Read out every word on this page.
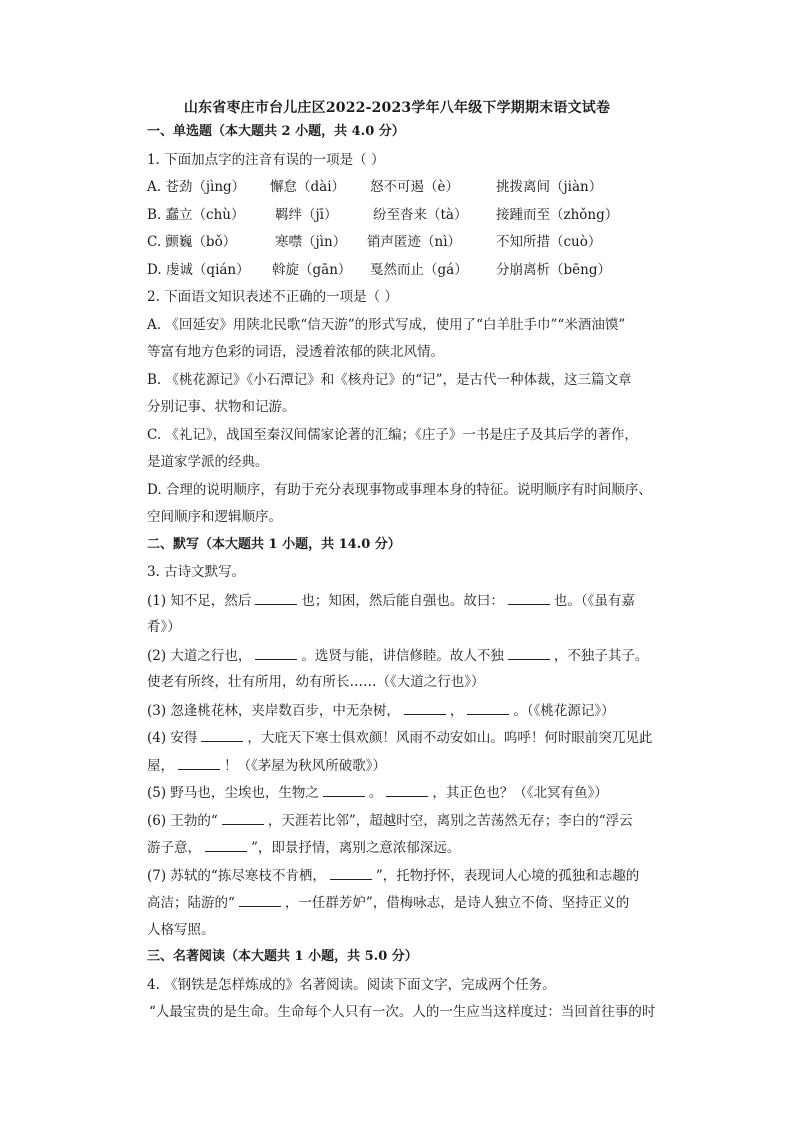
山东省枣庄市台儿庄区2022-2023学年八年级下学期期末语文试卷
一、单选题（本大题共 2 小题，共 4.0 分）
1. 下面加点字的注音有误的一项是（ ）
A. 苍劲（jìng） 懈怠（dài） 怒不可遏（è）	挑拨离间（jiàn）
B. 蠢立（chù） 羁绊（jī）	纷至沓来（tà） 接踵而至（zhǒng）
C. 颤巍（bǒ）	寒噤（jìn） 销声匿迹（nì）	不知所措（cuò）
D. 虔诚（qián） 斡旋（gān） 戛然而止（gá） 分崩离析（bēng）
2. 下面语文知识表述不正确的一项是（ ）
A. 《回延安》用陕北民歌“信天游”的形式写成，使用了“白羊肚手巾”“米酒油馍”
等富有地方色彩的词语，浸透着浓郁的陕北风情。
B. 《桃花源记》《小石潭记》和《核舟记》的“记”，是古代一种体裁，这三篇文章
分别记事、状物和记游。
C. 《礼记》，战国至秦汉间儒家论著的汇编；《庄子》一书是庄子及其后学的著作，
是道家学派的经典。
D. 合理的说明顺序，有助于充分表现事物或事理本身的特征。说明顺序有时间顺序、
空间顺序和逻辑顺序。
二、默写（本大题共 1 小题，共 14.0 分）
3. 古诗文默写。
(1) 知不足，然后	也；知困，然后能自强也。故曰：	也。（《虽有嘉
肴》）
(2) 大道之行也，	。选贤与能，讲信修睦。故人不独	，不独子其子。
使老有所终，壮有所用，幼有所长……（《大道之行也》）
(3) 忽逢桃花林，夹岸数百步，中无杂树，	，	。（《桃花源记》）
(4) 安得	，大庇天下寒士俱欢颜！风雨不动安如山。呜呼！何时眼前突兀见此
屋，	！（《茅屋为秋风所破歌》）
(5) 野马也，尘埃也，生物之	。	，其正色也？（《北冥有鱼》）
(6) 王勃的“	，天涯若比邻”，超越时空，离别之苦荡然无存；李白的“浮云
游子意，	”，即景抒情，离别之意浓郁深远。
(7) 苏轼的“拣尽寒枝不肯栖，	”，托物抒怀，表现词人心境的孤独和志趣的
高洁；陆游的“	，一任群芳妒”，借梅咏志，是诗人独立不倚、坚持正义的
人格写照。
三、名著阅读（本大题共 1 小题，共 5.0 分）
4. 《钢铁是怎样炼成的》名著阅读。阅读下面文字，完成两个任务。
“人最宝贵的是生命。生命每个人只有一次。人的一生应当这样度过：当回首往事的时
